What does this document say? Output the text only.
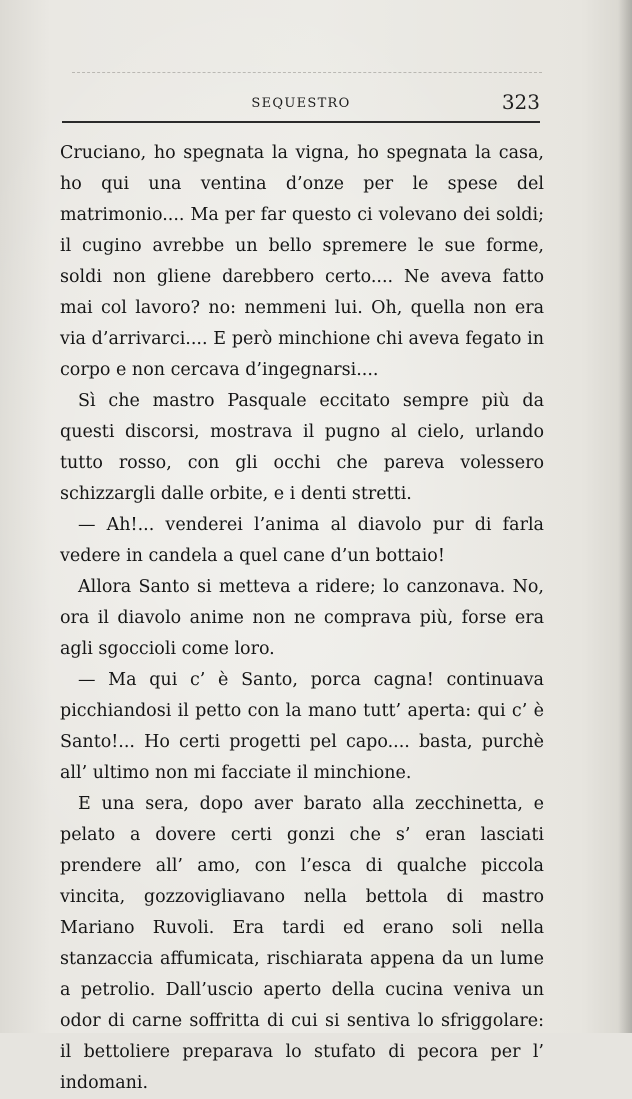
SEQUESTRO	323

Cruciano, ho spegnata la vigna, ho spegnata la casa, ho qui una ventina d’onze per le spese del matrimonio.... Ma per far questo ci volevano dei soldi; il cugino avrebbe un bello spremere le sue forme, soldi non gliene darebbero certo.... Ne aveva fatto mai col lavoro? no: nemmeni lui. Oh, quella non era via d’arrivarci.... E però minchione chi aveva fegato in corpo e non cercava d’ingegnarsi....

Sì che mastro Pasquale eccitato sempre più da questi discorsi, mostrava il pugno al cielo, urlando tutto rosso, con gli occhi che pareva volessero schizzargli dalle orbite, e i denti stretti.

— Ah!... venderei l’anima al diavolo pur di farla vedere in candela a quel cane d’un bottaio!

Allora Santo si metteva a ridere; lo canzonava. No, ora il diavolo anime non ne comprava più, forse era agli sgoccioli come loro.

— Ma qui c’ è Santo, porca cagna! continuava picchiandosi il petto con la mano tutt’ aperta: qui c’ è Santo!... Ho certi progetti pel capo.... basta, purchè all’ ultimo non mi facciate il minchione.

E una sera, dopo aver barato alla zecchinetta, e pelato a dovere certi gonzi che s’ eran lasciati prendere all’ amo, con l’esca di qualche piccola vincita, gozzovigliavano nella bettola di mastro Mariano Ruvoli. Era tardi ed erano soli nella stanzaccia affumicata, rischiarata appena da un lume a petrolio. Dall’uscio aperto della cucina veniva un odor di carne soffritta di cui si sentiva lo sfriggolare: il bettoliere preparava lo stufato di pecora per l’ indomani.
